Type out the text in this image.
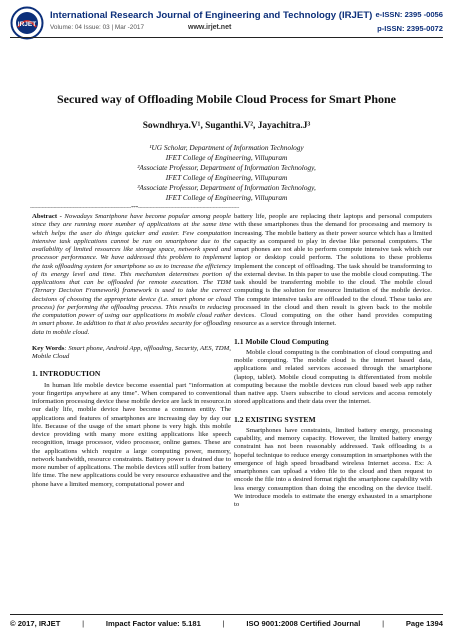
IRJET
International Research Journal of Engineering and Technology (IRJET) e-ISSN: 2395 -0056
Volume: 04 Issue: 03 | Mar -2017	www.irjet.net	p-ISSN: 2395-0072
Secured way of Offloading Mobile Cloud Process for Smart Phone
Sowndhrya.V¹, Suganthi.V², Jayachitra.J³
¹UG Scholar, Department of Information Technology
IFET College of Engineering, Villupuram
²Associate Professor, Department of Information Technology,
IFET College of Engineering, Villupuram
³Associate Professor, Department of Information Technology,
IFET College of Engineering, Villupuram
---------------------------------------------------------------------***---------------------------------------------------------------------

Abstract - Nowadays Smartphone have become popular among people since they are running more number of applications at the same time which helps the user do things quicker and easier. Few computation intensive task applications cannot be run on smartphone due to the availability of limited resources like storage space, network speed and processor performance. We have addressed this problem to implement the task offloading system for smartphone so as to increase the efficiency of its energy level and time. This mechanism determines portion of applications that can be offloaded for remote execution. The TDM (Ternary Decision Framework) framework is used to take the correct decisions of choosing the appropriate device (i.e. smart phone or cloud process) for performing the offloading process. This results in reducing the computation power of using our applications in mobile cloud rather in smart phone. In addition to that it also provides security for offloading data in mobile cloud.

Key Words: Smart phone, Android App, offloading, Security, AES, TDM, Mobile Cloud

1. INTRODUCTION

In human life mobile device become essential part "information at your fingertips anywhere at any time". When compared to conventional information processing device these mobile device are lack in resource.in our daily life, mobile device have become a common entity. The applications and features of smartphones are increasing day by day our life. Because of the usage of the smart phone is very high. this mobile device providing with many more exiting applications like speech recognition, image processor, video processor, online games. These are the applications which require a large computing power, memory, network bandwidth, resource constraints. Battery power is drained due to more number of applications. The mobile devices still suffer from battery life time. The new applications could be very resource exhaustive and the phone have a limited memory, computational power and

battery life, people are replacing their laptops and personal computers with these smartphones thus the demand for processing and memory is increasing. The mobile battery as their power source which has a limited capacity as compared to play in devise like personal computers. The smart phones are not able to perform compute intensive task which our laptop or desktop could perform. The solutions to these problems implement the concept of offloading. The task should be transforming to the external devise. In this paper to use the mobile cloud computing. The task should be transferring mobile to the cloud. The mobile cloud computing is the solution for resource limitation of the mobile device. The compute intensive tasks are offloaded to the cloud. These tasks are processed in the cloud and then result is given back to the mobile devices. Cloud computing on the other hand provides computing resource as a service through internet.

1.1 Mobile Cloud Computing

Mobile cloud computing is the combination of cloud computing and mobile computing. The mobile cloud is the internet based data, applications and related services accessed through the smartphone (laptop, tablet). Mobile cloud computing is differentiated from mobile computing because the mobile devices run cloud based web app rather than native app. Users subscribe to cloud services and access remotely stored applications and their data over the internet.

1.2 EXISTING SYSTEM

Smartphones have constraints, limited battery energy, processing capability, and memory capacity. However, the limited battery energy constraint has not been reasonably addressed. Task offloading is a hopeful technique to reduce energy consumption in smartphones with the emergence of high speed broadband wireless Internet access. Ex: A smartphones can upload a video file to the cloud and then request to encode the file into a desired format right the smartphone capability with less energy consumption than doing the encoding on the device itself. We introduce models to estimate the energy exhausted in a smartphone to

© 2017, IRJET	|	Impact Factor value: 5.181	|	ISO 9001:2008 Certified Journal	|	Page 1394
